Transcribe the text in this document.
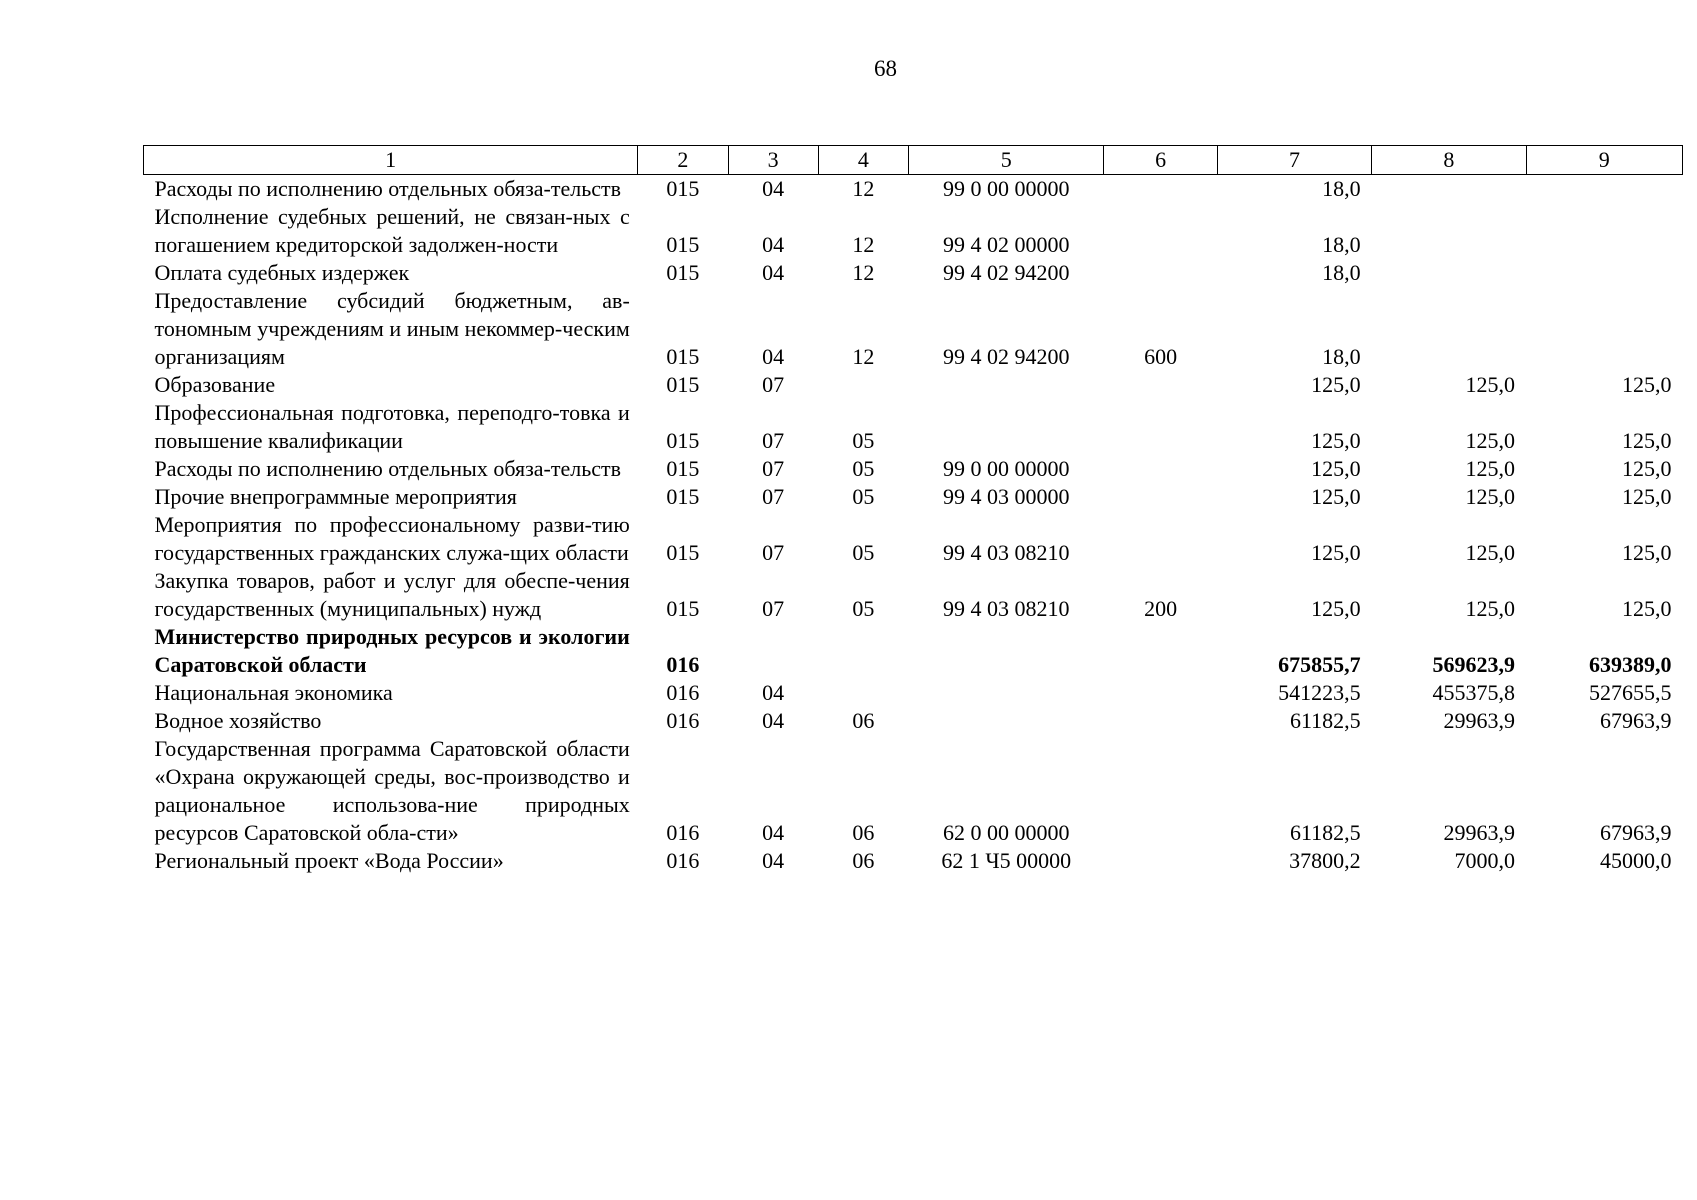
68
1	2	3	4	5	6	7	8	9
Расходы по исполнению отдельных обяза-тельств	015	04	12	99 0 00 00000		18,0		
Исполнение судебных решений, не связан-ных с погашением кредиторской задолжен-ности	015	04	12	99 4 02 00000		18,0		
Оплата судебных издержек	015	04	12	99 4 02 94200		18,0		
Предоставление субсидий бюджетным, ав-тономным учреждениям и иным некоммер-ческим организациям	015	04	12	99 4 02 94200	600	18,0		
Образование	015	07				125,0	125,0	125,0
Профессиональная подготовка, переподго-товка и повышение квалификации	015	07	05			125,0	125,0	125,0
Расходы по исполнению отдельных обяза-тельств	015	07	05	99 0 00 00000		125,0	125,0	125,0
Прочие внепрограммные мероприятия	015	07	05	99 4 03 00000		125,0	125,0	125,0
Мероприятия по профессиональному разви-тию государственных гражданских служа-щих области	015	07	05	99 4 03 08210		125,0	125,0	125,0
Закупка товаров, работ и услуг для обеспе-чения государственных (муниципальных) нужд	015	07	05	99 4 03 08210	200	125,0	125,0	125,0
Министерство природных ресурсов и экологии Саратовской области	016					675855,7	569623,9	639389,0
Национальная экономика	016	04				541223,5	455375,8	527655,5
Водное хозяйство	016	04	06			61182,5	29963,9	67963,9
Государственная программа Саратовской области «Охрана окружающей среды, вос-производство и рациональное использова-ние природных ресурсов Саратовской обла-сти»	016	04	06	62 0 00 00000		61182,5	29963,9	67963,9
Региональный проект «Вода России»	016	04	06	62 1 Ч5 00000		37800,2	7000,0	45000,0
